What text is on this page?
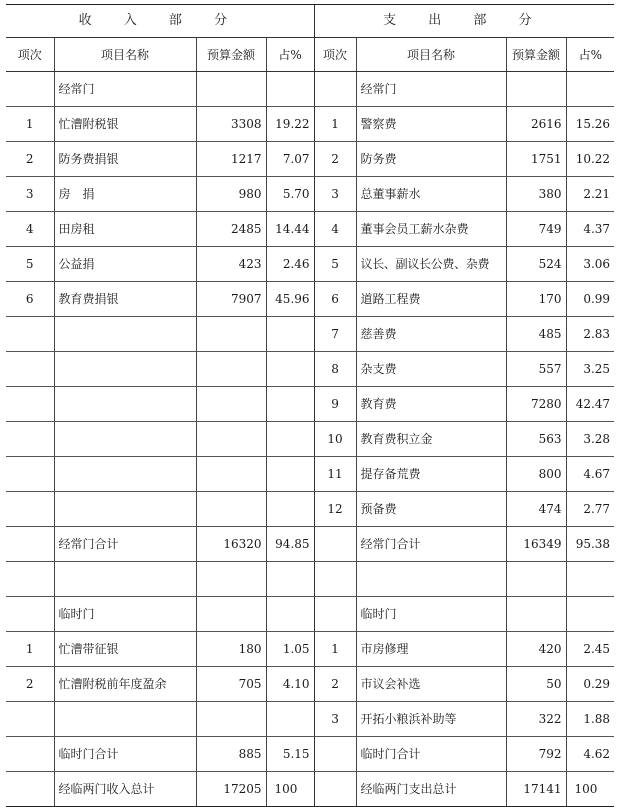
收 入 部 分				支 出 部 分			
项次	项目名称	预算金额	占%	项次	项目名称	预算金额	占%
	经常门				经常门		
1	忙漕附税银	3308	19.22	1	警察费	2616	15.26
2	防务费捐银	1217	7.07	2	防务费	1751	10.22
3	房　捐	980	5.70	3	总董事薪水	380	2.21
4	田房租	2485	14.44	4	董事会员工薪水杂费	749	4.37
5	公益捐	423	2.46	5	议长、副议长公费、杂费	524	3.06
6	教育费捐银	7907	45.96	6	道路工程费	170	0.99
				7	慈善费	485	2.83
				8	杂支费	557	3.25
				9	教育费	7280	42.47
				10	教育费积立金	563	3.28
				11	提存备荒费	800	4.67
				12	预备费	474	2.77
	经常门合计	16320	94.85		经常门合计	16349	95.38

	临时门				临时门		
1	忙漕带征银	180	1.05	1	市房修理	420	2.45
2	忙漕附税前年度盈余	705	4.10	2	市议会补选	50	0.29
				3	开拓小粮浜补助等	322	1.88
	临时门合计	885	5.15		临时门合计	792	4.62
	经临两门收入总计	17205	100		经临两门支出总计	17141	100
